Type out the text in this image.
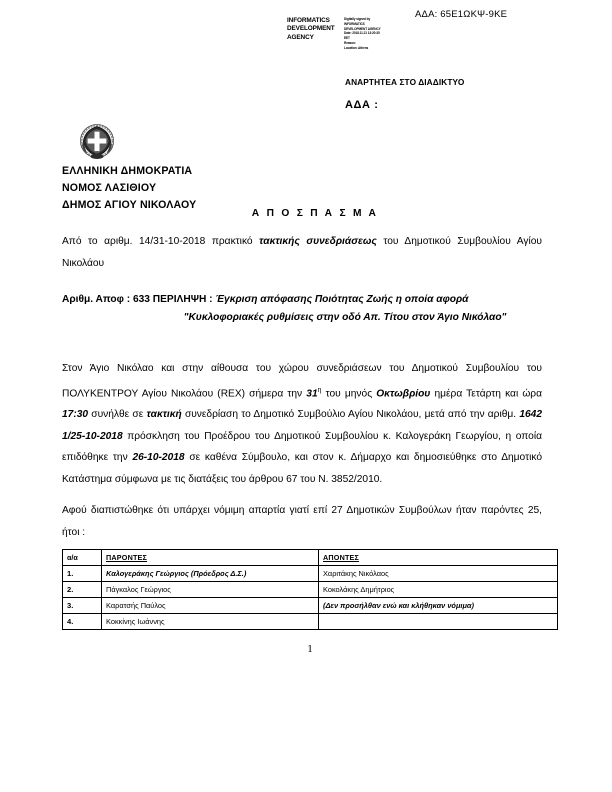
ΑΔΑ: 65Ε1ΩΚΨ-9ΚΕ
INFORMATICS DEVELOPMENT AGENCY
Digitally signed by
INFORMATICS
DEVELOPMENT AGENCY
Date: 2018.11.21 13:20:35
EET
Reason:
Location: Athens
ΑΝΑΡΤΗΤΕΑ ΣΤΟ ΔΙΑΔΙΚΤΥΟ
ΑΔΑ :
ΕΛΛΗΝΙΚΗ ΔΗΜΟΚΡΑΤΙΑ
ΝΟΜΟΣ ΛΑΣΙΘΙΟΥ
ΔΗΜΟΣ ΑΓΙΟΥ ΝΙΚΟΛΑΟΥ
Α Π Ο Σ Π Α Σ Μ Α
Από το αριθμ. 14/31-10-2018 πρακτικό τακτικής συνεδριάσεως του Δημοτικού Συμβουλίου Αγίου Νικολάου
Αριθμ. Αποφ : 633 ΠΕΡΙΛΗΨΗ : Έγκριση απόφασης Ποιότητας Ζωής η οποία αφορά
"Κυκλοφοριακές ρυθμίσεις στην οδό Απ. Τίτου στον Άγιο Νικόλαο"
Στον Άγιο Νικόλαο και στην αίθουσα του χώρου συνεδριάσεων του Δημοτικού Συμβουλίου του ΠΟΛΥΚΕΝΤΡΟΥ Αγίου Νικολάου (REX) σήμερα την $31^\eta$ του μηνός Οκτωβρίου ημέρα Τετάρτη και ώρα 17:30 συνήλθε σε τακτική συνεδρίαση το Δημοτικό Συμβούλιο Αγίου Νικολάου, μετά από την αριθμ. 1642 1/25-10-2018 πρόσκληση του Προέδρου του Δημοτικού Συμβουλίου κ. Καλογεράκη Γεωργίου, η οποία επιδόθηκε την 26-10-2018 σε καθένα Σύμβουλο, και στον κ. Δήμαρχο και δημοσιεύθηκε στο Δημοτικό Κατάστημα σύμφωνα με τις διατάξεις του άρθρου 67 του Ν. 3852/2010.
Αφού διαπιστώθηκε ότι υπάρχει νόμιμη απαρτία γιατί επί 27 Δημοτικών Συμβούλων ήταν παρόντες 25, ήτοι :
α/α	ΠΑΡΟΝΤΕΣ	ΑΠΟΝΤΕΣ
1.	Καλογεράκης Γεώργιος (Πρόεδρος Δ.Σ.)	Χαριτάκης Νικόλαος
2.	Πάγκαλος Γεώργιος	Κοκολάκης Δημήτριος
3.	Καρατσής Παύλος	(Δεν προσήλθαν ενώ και κλήθηκαν νόμιμα)
4.	Κοκκίνης Ιωάννης	
1
